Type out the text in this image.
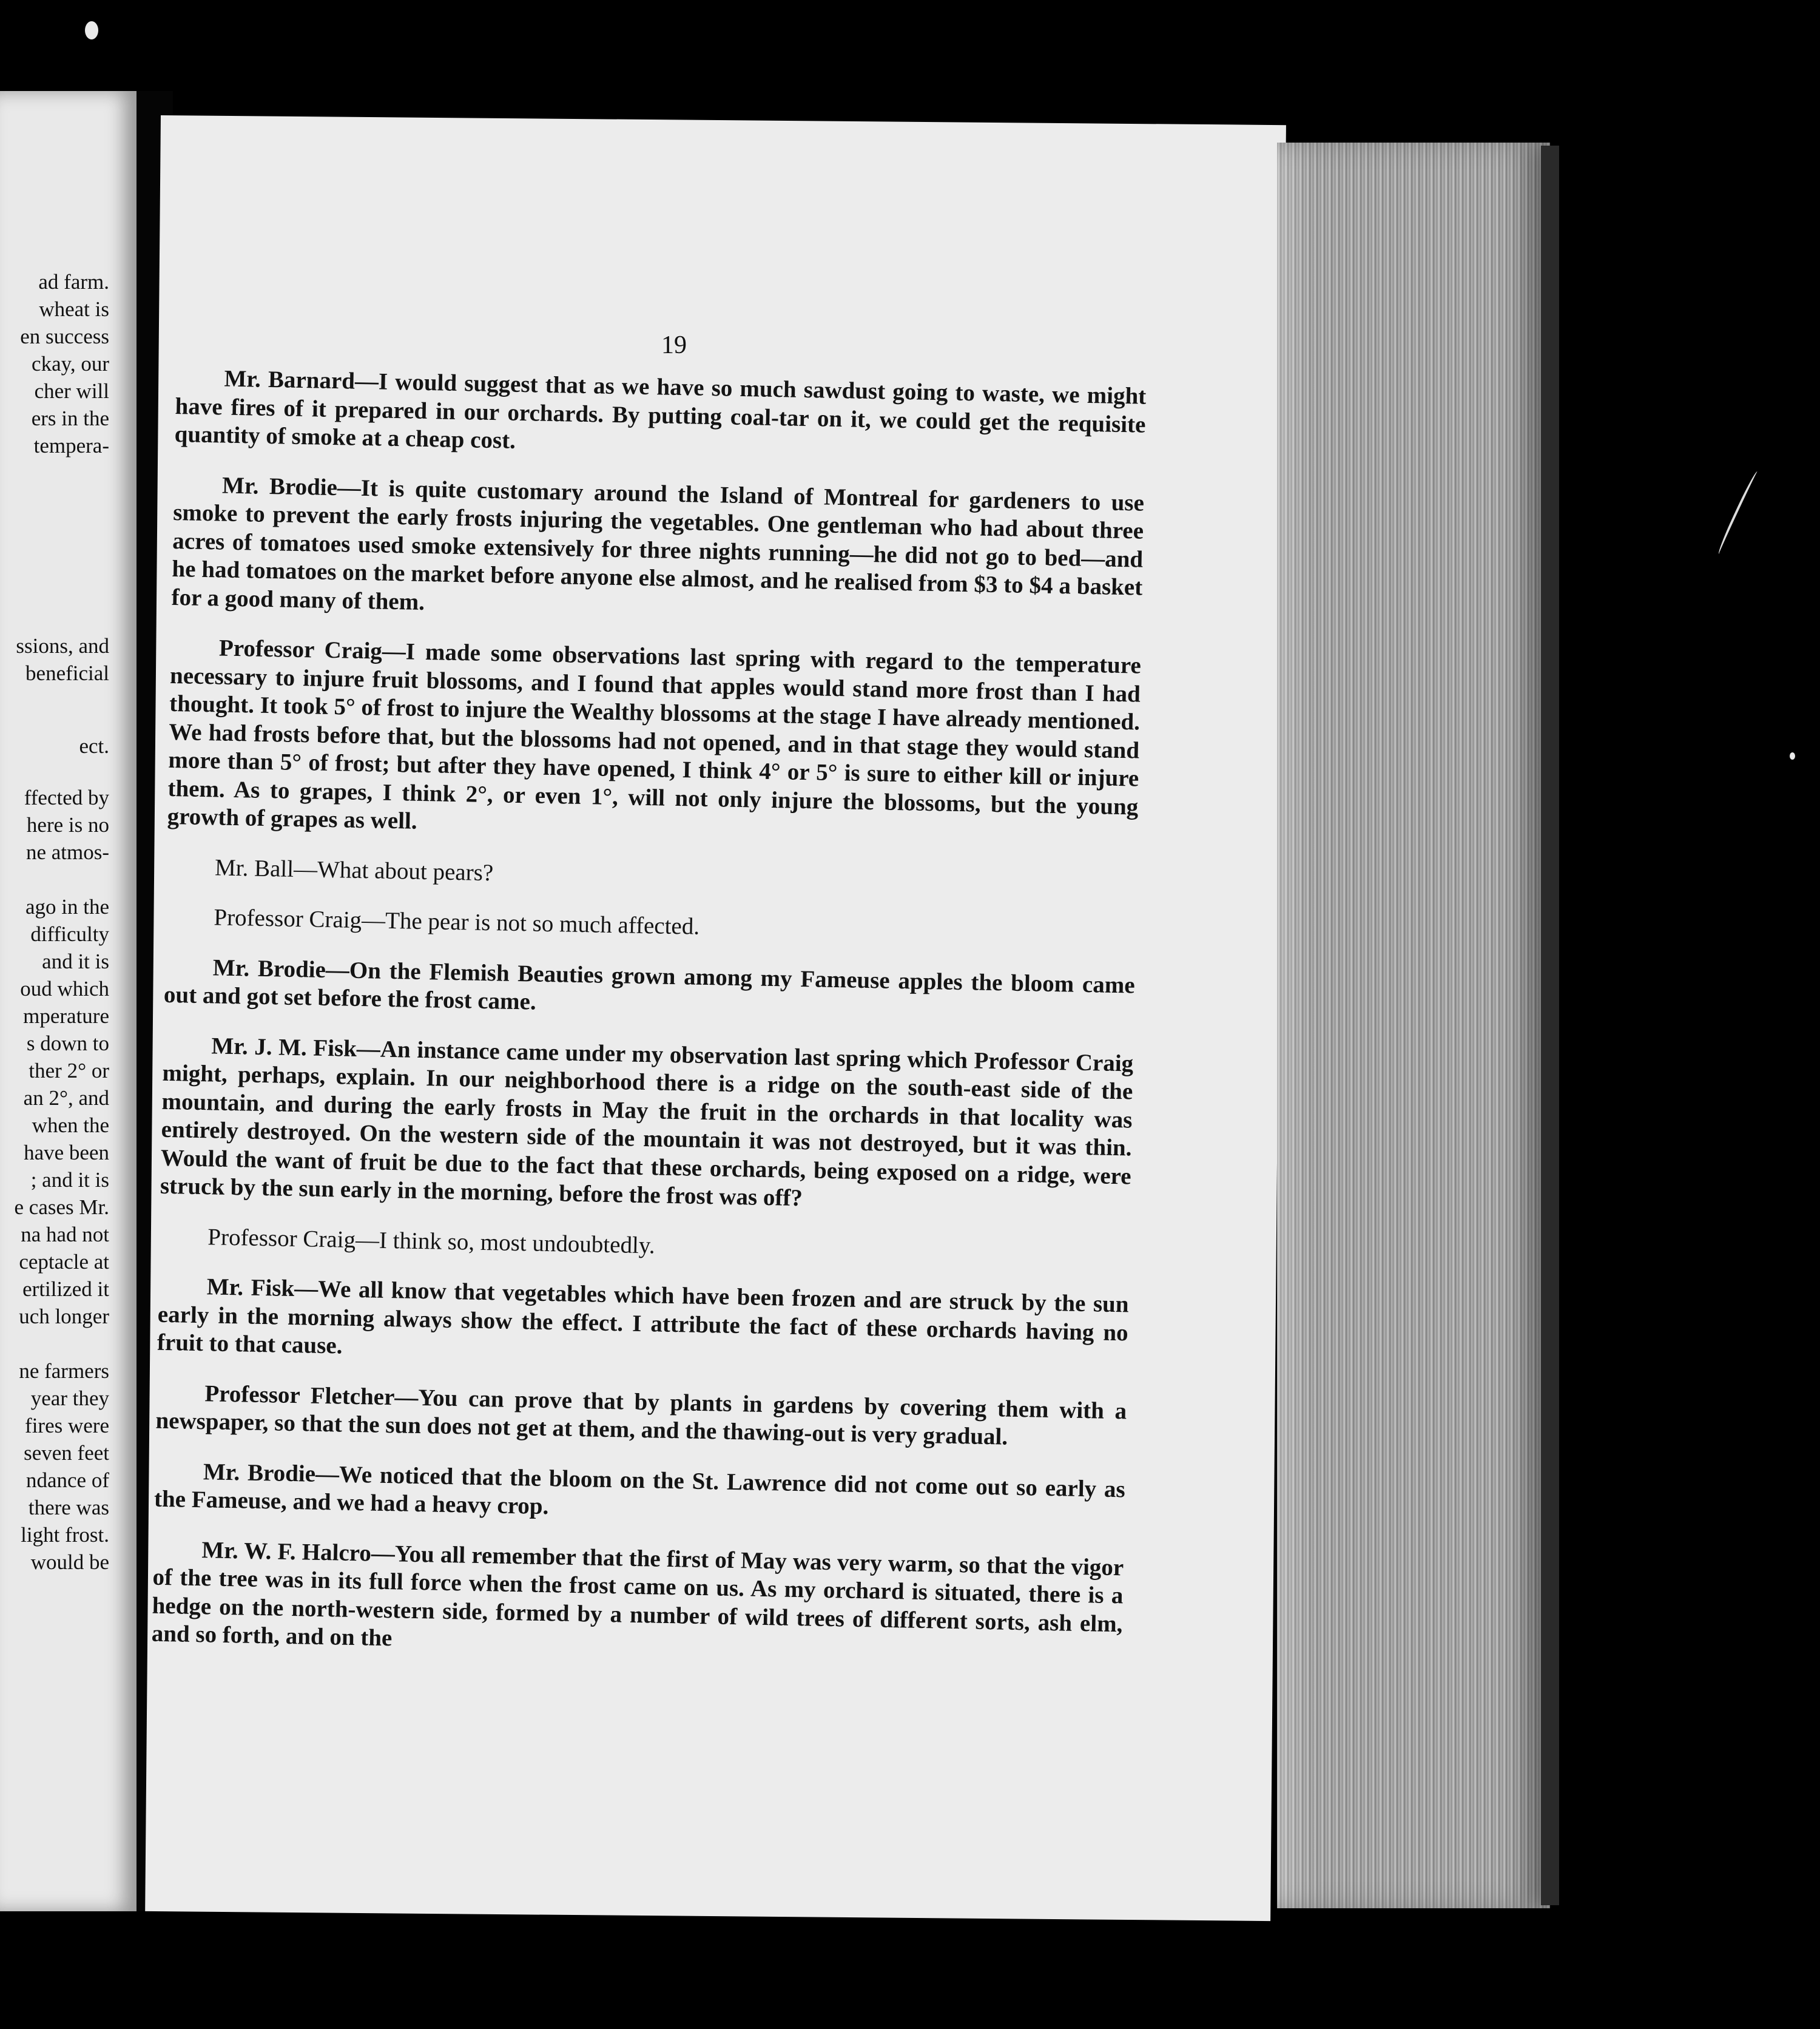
ad farm.
wheat is
en success
ckay, our
cher will
ers in the
tempera-
ssions, and
beneficial
ect.
ffected by
here is no
ne atmos-
ago in the
difficulty
and it is
oud which
mperature
s down to
ther 2° or
an 2°, and
when the
have been
; and it is
e cases Mr.
na had not
ceptacle at
ertilized it
uch longer
ne farmers
year they
fires were
seven feet
ndance of
there was
light frost.
would be
19

Mr. Barnard—I would suggest that as we have so much sawdust going to waste, we might have fires of it prepared in our orchards. By putting coal-tar on it, we could get the requisite quantity of smoke at a cheap cost.

Mr. Brodie—It is quite customary around the Island of Montreal for gardeners to use smoke to prevent the early frosts injuring the vegetables. One gentleman who had about three acres of tomatoes used smoke extensively for three nights running—he did not go to bed—and he had tomatoes on the market before anyone else almost, and he realised from $3 to $4 a basket for a good many of them.

Professor Craig—I made some observations last spring with regard to the temperature necessary to injure fruit blossoms, and I found that apples would stand more frost than I had thought. It took 5° of frost to injure the Wealthy blossoms at the stage I have already mentioned. We had frosts before that, but the blossoms had not opened, and in that stage they would stand more than 5° of frost; but after they have opened, I think 4° or 5° is sure to either kill or injure them. As to grapes, I think 2°, or even 1°, will not only injure the blossoms, but the young growth of grapes as well.

Mr. Ball—What about pears?

Professor Craig—The pear is not so much affected.

Mr. Brodie—On the Flemish Beauties grown among my Fameuse apples the bloom came out and got set before the frost came.

Mr. J. M. Fisk—An instance came under my observation last spring which Professor Craig might, perhaps, explain. In our neighborhood there is a ridge on the south-east side of the mountain, and during the early frosts in May the fruit in the orchards in that locality was entirely destroyed. On the western side of the mountain it was not destroyed, but it was thin. Would the want of fruit be due to the fact that these orchards, being exposed on a ridge, were struck by the sun early in the morning, before the frost was off?

Professor Craig—I think so, most undoubtedly.

Mr. Fisk—We all know that vegetables which have been frozen and are struck by the sun early in the morning always show the effect. I attribute the fact of these orchards having no fruit to that cause.

Professor Fletcher—You can prove that by plants in gardens by covering them with a newspaper, so that the sun does not get at them, and the thawing-out is very gradual.

Mr. Brodie—We noticed that the bloom on the St. Lawrence did not come out so early as the Fameuse, and we had a heavy crop.

Mr. W. F. Halcro—You all remember that the first of May was very warm, so that the vigor of the tree was in its full force when the frost came on us. As my orchard is situated, there is a hedge on the north-western side, formed by a number of wild trees of different sorts, ash elm, and so forth, and on the
